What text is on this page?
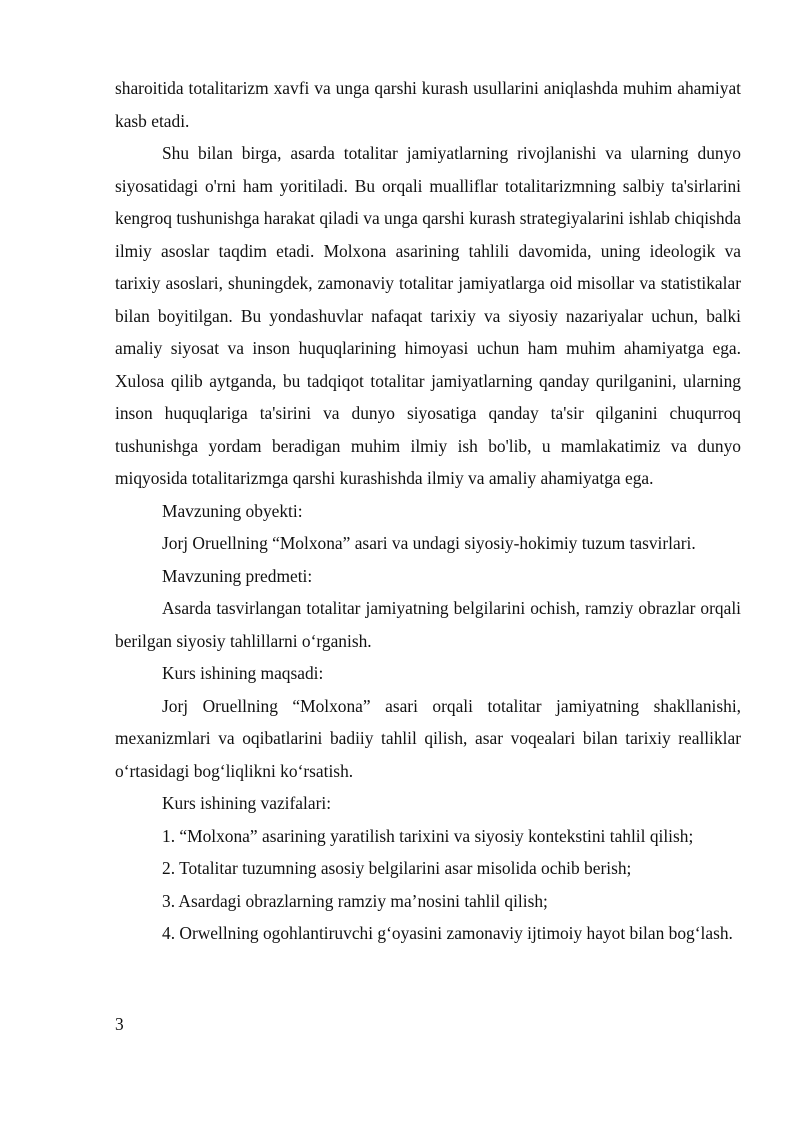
sharoitida totalitarizm xavfi va unga qarshi kurash usullarini aniqlashda muhim ahamiyat kasb etadi.

Shu bilan birga, asarda totalitar jamiyatlarning rivojlanishi va ularning dunyo siyosatidagi o'rni ham yoritiladi. Bu orqali mualliflar totalitarizmning salbiy ta'sirlarini kengroq tushunishga harakat qiladi va unga qarshi kurash strategiyalarini ishlab chiqishda ilmiy asoslar taqdim etadi. Molxona asarining tahlili davomida, uning ideologik va tarixiy asoslari, shuningdek, zamonaviy totalitar jamiyatlarga oid misollar va statistikalar bilan boyitilgan. Bu yondashuvlar nafaqat tarixiy va siyosiy nazariyalar uchun, balki amaliy siyosat va inson huquqlarining himoyasi uchun ham muhim ahamiyatga ega. Xulosa qilib aytganda, bu tadqiqot totalitar jamiyatlarning qanday qurilganini, ularning inson huquqlariga ta'sirini va dunyo siyosatiga qanday ta'sir qilganini chuqurroq tushunishga yordam beradigan muhim ilmiy ish bo'lib, u mamlakatimiz va dunyo miqyosida totalitarizmga qarshi kurashishda ilmiy va amaliy ahamiyatga ega.

Mavzuning obyekti:

Jorj Oruellning “Molxona” asari va undagi siyosiy-hokimiy tuzum tasvirlari.

Mavzuning predmeti:

Asarda tasvirlangan totalitar jamiyatning belgilarini ochish, ramziy obrazlar orqali berilgan siyosiy tahlillarni o‘rganish.

Kurs ishining maqsadi:

Jorj Oruellning “Molxona” asari orqali totalitar jamiyatning shakllanishi, mexanizmlari va oqibatlarini badiiy tahlil qilish, asar voqealari bilan tarixiy realliklar o‘rtasidagi bog‘liqlikni ko‘rsatish.

Kurs ishining vazifalari:

1. “Molxona” asarining yaratilish tarixini va siyosiy kontekstini tahlil qilish;

2. Totalitar tuzumning asosiy belgilarini asar misolida ochib berish;

3. Asardagi obrazlarning ramziy ma’nosini tahlil qilish;

4. Orwellning ogohlantiruvchi g‘oyasini zamonaviy ijtimoiy hayot bilan bog‘lash.

3
